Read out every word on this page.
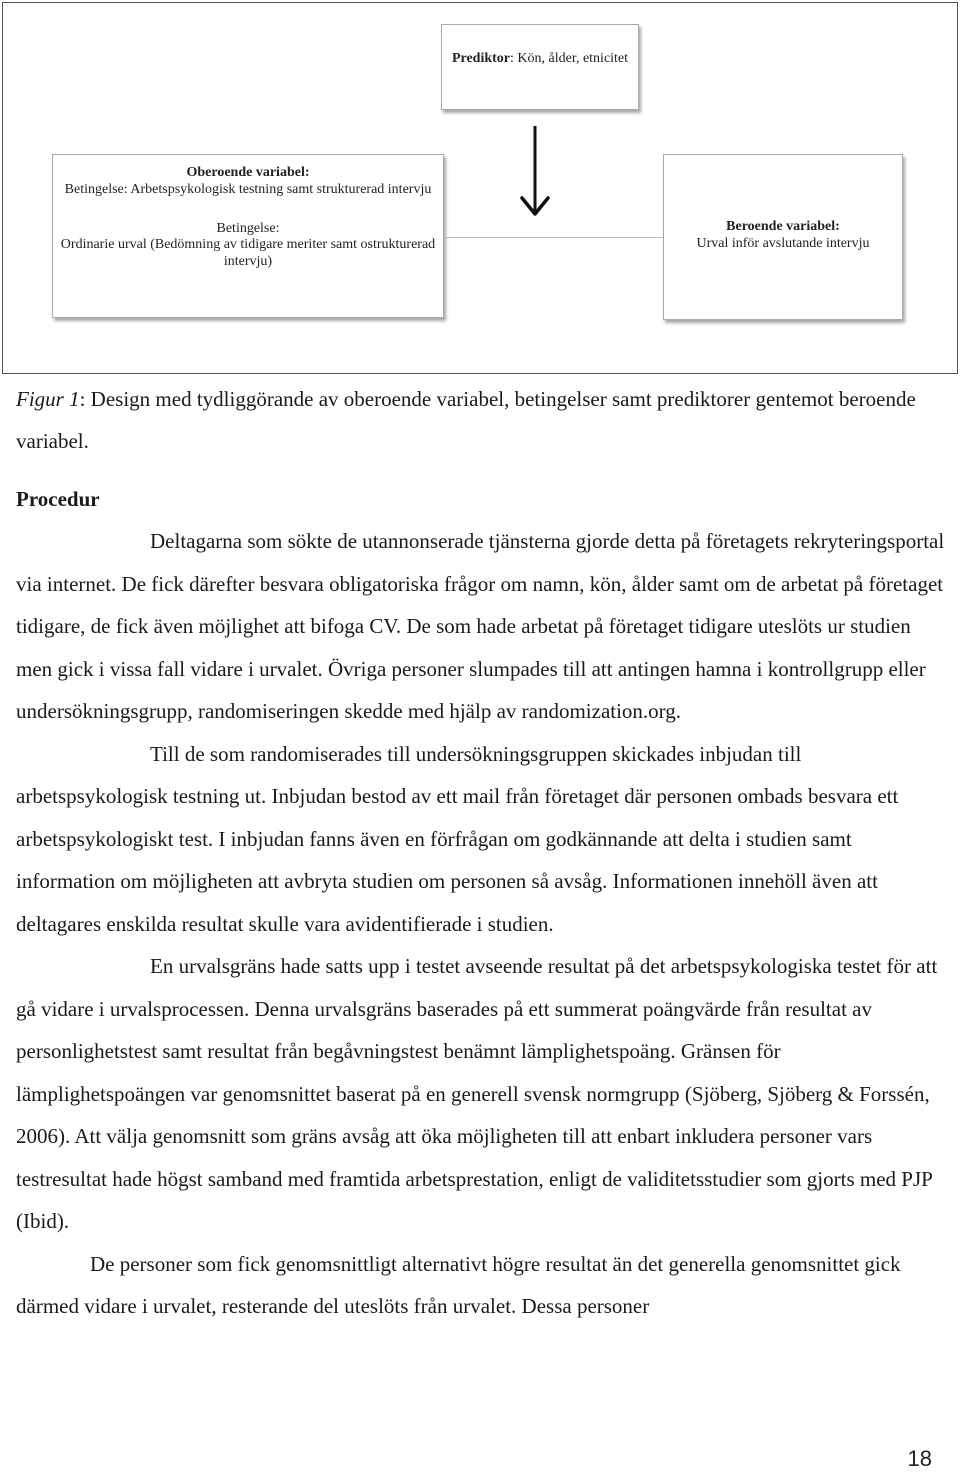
Prediktor: Kön, ålder, etnicitet

Oberoende variabel:

Betingelse: Arbetspsykologisk testning samt strukturerad intervju

Betingelse:

Ordinarie urval (Bedömning av tidigare meriter samt ostrukturerad intervju)

Beroende variabel:

Urval inför avslutande intervju

Figur 1: Design med tydliggörande av oberoende variabel, betingelser samt prediktorer gentemot beroende variabel.
Procedur

Deltagarna som sökte de utannonserade tjänsterna gjorde detta på företagets rekryteringsportal via internet. De fick därefter besvara obligatoriska frågor om namn, kön, ålder samt om de arbetat på företaget tidigare, de fick även möjlighet att bifoga CV. De som hade arbetat på företaget tidigare uteslöts ur studien men gick i vissa fall vidare i urvalet. Övriga personer slumpades till att antingen hamna i kontrollgrupp eller undersökningsgrupp, randomiseringen skedde med hjälp av randomization.org.

Till de som randomiserades till undersökningsgruppen skickades inbjudan till arbetspsykologisk testning ut. Inbjudan bestod av ett mail från företaget där personen ombads besvara ett arbetspsykologiskt test. I inbjudan fanns även en förfrågan om godkännande att delta i studien samt information om möjligheten att avbryta studien om personen så avsåg. Informationen innehöll även att deltagares enskilda resultat skulle vara avidentifierade i studien.

En urvalsgräns hade satts upp i testet avseende resultat på det arbetspsykologiska testet för att gå vidare i urvalsprocessen. Denna urvalsgräns baserades på ett summerat poängvärde från resultat av personlighetstest samt resultat från begåvningstest benämnt lämplighetspoäng. Gränsen för lämplighetspoängen var genomsnittet baserat på en generell svensk normgrupp (Sjöberg, Sjöberg & Forssén, 2006). Att välja genomsnitt som gräns avsåg att öka möjligheten till att enbart inkludera personer vars testresultat hade högst samband med framtida arbetsprestation, enligt de validitetsstudier som gjorts med PJP (Ibid).

De personer som fick genomsnittligt alternativt högre resultat än det generella genomsnittet gick därmed vidare i urvalet, resterande del uteslöts från urvalet. Dessa personer

18
